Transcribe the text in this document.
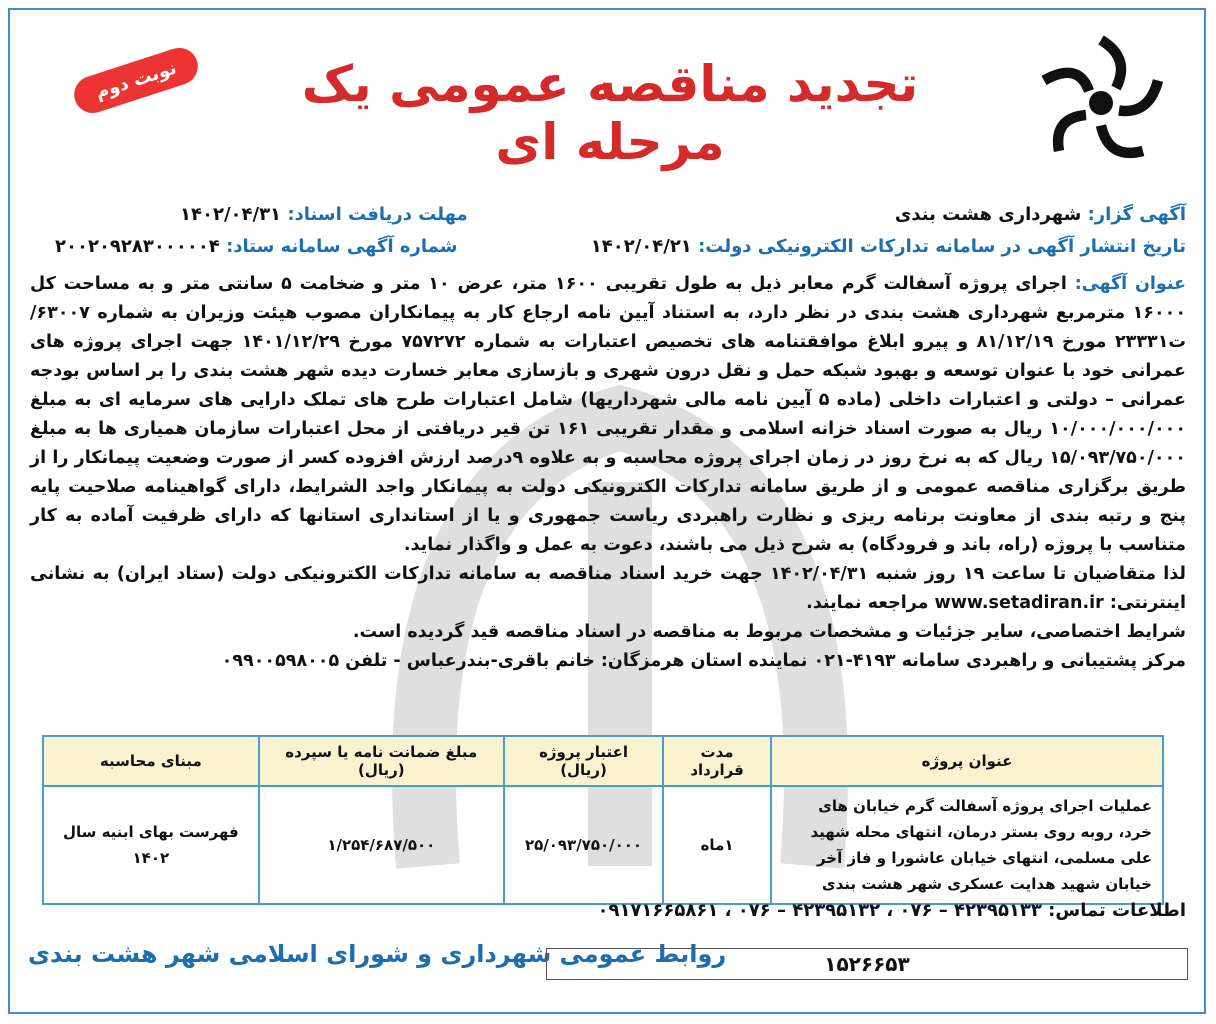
تجدید مناقصه عمومی یک مرحله ای
نوبت دوم
آگهی گزار: شهرداری هشت بندی
مهلت دریافت اسناد: ۱۴۰۲/۰۴/۳۱
تاریخ انتشار آگهی در سامانه تدارکات الکترونیکی دولت: ۱۴۰۲/۰۴/۲۱
شماره آگهی سامانه ستاد: ۲۰۰۲۰۹۲۸۳۰۰۰۰۰۴
عنوان آگهی: اجرای پروژه آسفالت گرم معابر ذیل به طول تقریبی ۱۶۰۰ متر، عرض ۱۰ متر و ضخامت ۵ سانتی متر و به مساحت کل ۱۶۰۰۰ مترمربع شهرداری هشت بندی در نظر دارد، به استناد آیین نامه ارجاع کار به پیمانکاران مصوب هیئت وزیران به شماره ۶۳۰۰۷/ت۲۳۳۳۱ مورخ ۸۱/۱۲/۱۹ و پیرو ابلاغ موافقتنامه های تخصیص اعتبارات به شماره ۷۵۷۲۷۲ مورخ ۱۴۰۱/۱۲/۲۹ جهت اجرای پروژه های عمرانی خود با عنوان توسعه و بهبود شبکه حمل و نقل درون شهری و بازسازی معابر خسارت دیده شهر هشت بندی را بر اساس بودجه عمرانی – دولتی و اعتبارات داخلی (ماده ۵ آیین نامه مالی شهرداریها) شامل اعتبارات طرح های تملک دارایی های سرمایه ای به مبلغ ۱۰/۰۰۰/۰۰۰/۰۰۰ ریال به صورت اسناد خزانه اسلامی و مقدار تقریبی ۱۶۱ تن قیر دریافتی از محل اعتبارات سازمان همیاری ها به مبلغ ۱۵/۰۹۳/۷۵۰/۰۰۰ ریال که به نرخ روز در زمان اجرای پروژه محاسبه و به علاوه ۹درصد ارزش افزوده کسر از صورت وضعیت پیمانکار را از طریق برگزاری مناقصه عمومی و از طریق سامانه تدارکات الکترونیکی دولت به پیمانکار واجد الشرایط، دارای گواهینامه صلاحیت پایه پنج و رتبه بندی از معاونت برنامه ریزی و نظارت راهبردی ریاست جمهوری و یا از استانداری استانها که دارای ظرفیت آماده به کار متناسب با پروژه (راه، باند و فرودگاه) به شرح ذیل می باشند، دعوت به عمل و واگذار نماید.
لذا متقاضیان تا ساعت ۱۹ روز شنبه ۱۴۰۲/۰۴/۳۱ جهت خرید اسناد مناقصه به سامانه تدارکات الکترونیکی دولت (ستاد ایران) به نشانی اینترنتی: www.setadiran.ir مراجعه نمایند.
شرایط اختصاصی، سایر جزئیات و مشخصات مربوط به مناقصه در اسناد مناقصه قید گردیده است.
مرکز پشتیبانی و راهبردی سامانه ۴۱۹۳-۰۲۱ نماینده استان هرمزگان: خانم باقری-بندرعباس - تلفن ۰۹۹۰۰۵۹۸۰۰۵
عنوان پروژه	مدت قرارداد	اعتبار پروژه (ریال)	مبلغ ضمانت نامه یا سپرده (ریال)	مبنای محاسبه
عملیات اجرای پروژه آسفالت گرم خیابان های خرد، روبه روی بستر درمان، انتهای محله شهید علی مسلمی، انتهای خیابان عاشورا و فاز آخر خیابان شهید هدایت عسکری شهر هشت بندی	۱ماه	۲۵/۰۹۳/۷۵۰/۰۰۰	۱/۲۵۴/۶۸۷/۵۰۰	فهرست بهای ابنیه سال ۱۴۰۲
اطلاعات تماس: ۴۲۳۹۵۱۳۳ – ۰۷۶ ، ۴۲۳۹۵۱۳۲ – ۰۷۶ ، ۰۹۱۷۱۶۶۵۸۶۱
روابط عمومی شهرداری و شورای اسلامی شهر هشت بندی	۱۵۲۶۶۵۳
